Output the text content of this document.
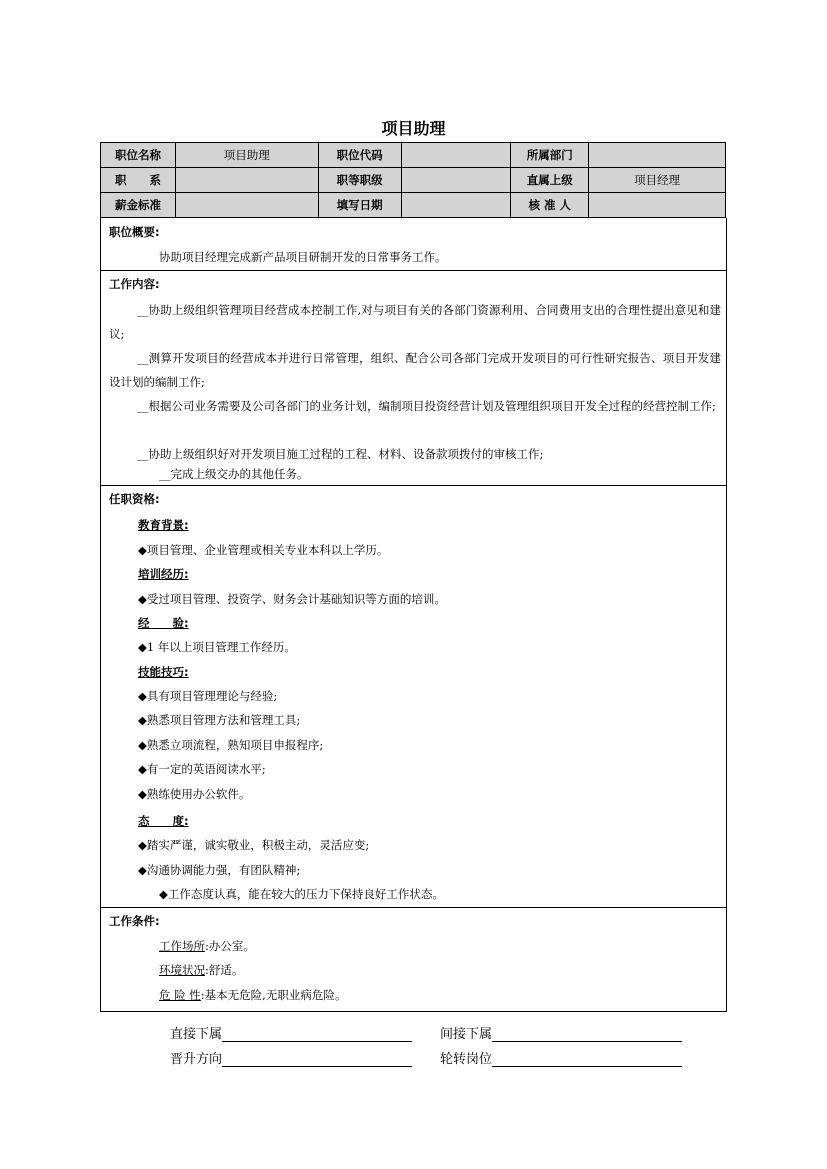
项目助理
职位名称	项目助理	职位代码		所属部门	
职　　系		职等职级		直属上级	项目经理
薪金标准		填写日期		核 准 人	
职位概要:
协助项目经理完成新产品项目研制开发的日常事务工作。
工作内容:
__协助上级组织管理项目经营成本控制工作,对与项目有关的各部门资源利用、合同费用支出的合理性提出意见和建议;
__测算开发项目的经营成本并进行日常管理，组织、配合公司各部门完成开发项目的可行性研究报告、项目开发建设计划的编制工作;
__根据公司业务需要及公司各部门的业务计划，编制项目投资经营计划及管理组织项目开发全过程的经营控制工作;
__协助上级组织好对开发项目施工过程的工程、材料、设备款项拨付的审核工作;
__完成上级交办的其他任务。
任职资格:
教育背景:
◆项目管理、企业管理或相关专业本科以上学历。
培训经历:
◆受过项目管理、投资学、财务会计基础知识等方面的培训。
经　　验:
◆1 年以上项目管理工作经历。
技能技巧:
◆具有项目管理理论与经验;
◆熟悉项目管理方法和管理工具;
◆熟悉立项流程，熟知项目申报程序;
◆有一定的英语阅读水平;
◆熟练使用办公软件。
态　　度:
◆踏实严谨，诚实敬业，积极主动，灵活应变;
◆沟通协调能力强，有团队精神;
◆工作态度认真，能在较大的压力下保持良好工作状态。
工作条件:
工作场所:办公室。
环境状况:舒适。
危 险 性:基本无危险,无职业病危险。
直接下属	间接下属
晋升方向	轮转岗位
